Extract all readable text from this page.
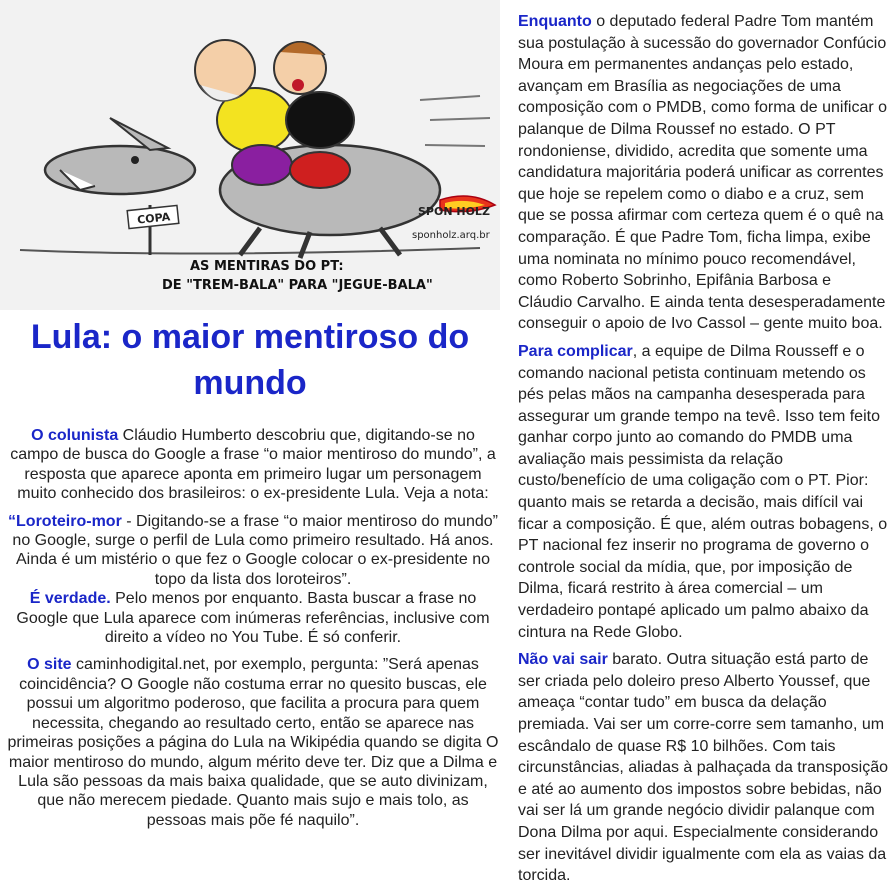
COPA	SPON HOLZ
sponholz.arq.br
AS MENTIRAS DO PT:
DE "TREM-BALA" PARA "JEGUE-BALA"
Lula: o maior mentiroso do
mundo

O colunista Cláudio Humberto descobriu que, digitando-se no campo de busca do Google a frase “o maior mentiroso do mundo”, a resposta que aparece aponta em primeiro lugar um personagem muito conhecido dos brasileiros: o ex-presidente Lula. Veja a nota:

“Loroteiro-mor - Digitando-se a frase “o maior mentiroso do mundo” no Google, surge o perfil de Lula como primeiro resultado. Há anos. Ainda é um mistério o que fez o Google colocar o ex-presidente no topo da lista dos loroteiros”.

É verdade. Pelo menos por enquanto. Basta buscar a frase no Google que Lula aparece com inúmeras referências, inclusive com direito a vídeo no You Tube. É só conferir.

O site caminhodigital.net, por exemplo, pergunta: ”Será apenas coincidência? O Google não costuma errar no quesito buscas, ele possui um algoritmo poderoso, que facilita a procura para quem necessita, chegando ao resultado certo, então se aparece nas primeiras posições a página do Lula na Wikipédia quando se digita O maior mentiroso do mundo, algum mérito deve ter. Diz que a Dilma e Lula são pessoas da mais baixa qualidade, que se auto divinizam, que não merecem piedade. Quanto mais sujo e mais tolo, as pessoas mais põe fé naquilo”.

Enquanto o deputado federal Padre Tom mantém sua postulação à sucessão do governador Confúcio Moura em permanentes andanças pelo estado, avançam em Brasília as negociações de uma composição com o PMDB, como forma de unificar o palanque de Dilma Roussef no estado. O PT rondoniense, dividido, acredita que somente uma candidatura majoritária poderá unificar as correntes que hoje se repelem como o diabo e a cruz, sem que se possa afirmar com certeza quem é o quê na comparação. É que Padre Tom, ficha limpa, exibe uma nominata no mínimo pouco recomendável, como Roberto Sobrinho, Epifânia Barbosa e Cláudio Carvalho. E ainda tenta desesperadamente conseguir o apoio de Ivo Cassol – gente muito boa.

Para complicar, a equipe de Dilma Rousseff e o comando nacional petista continuam metendo os pés pelas mãos na campanha desesperada para assegurar um grande tempo na tevê. Isso tem feito ganhar corpo junto ao comando do PMDB uma avaliação mais pessimista da relação custo/benefício de uma coligação com o PT. Pior: quanto mais se retarda a decisão, mais difícil vai ficar a composição. É que, além outras bobagens, o PT nacional fez inserir no programa de governo o controle social da mídia, que, por imposição de Dilma, ficará restrito à área comercial – um verdadeiro pontapé aplicado um palmo abaixo da cintura na Rede Globo.

Não vai sair barato. Outra situação está parto de ser criada pelo doleiro preso Alberto Youssef, que ameaça “contar tudo” em busca da delação premiada. Vai ser um corre-corre sem tamanho, um escândalo de quase R$ 10 bilhões. Com tais circunstâncias, aliadas à palhaçada da transposição e até ao aumento dos impostos sobre bebidas, não vai ser lá um grande negócio dividir palanque com Dona Dilma por aqui. Especialmente considerando ser inevitável dividir igualmente com ela as vaias da torcida.
